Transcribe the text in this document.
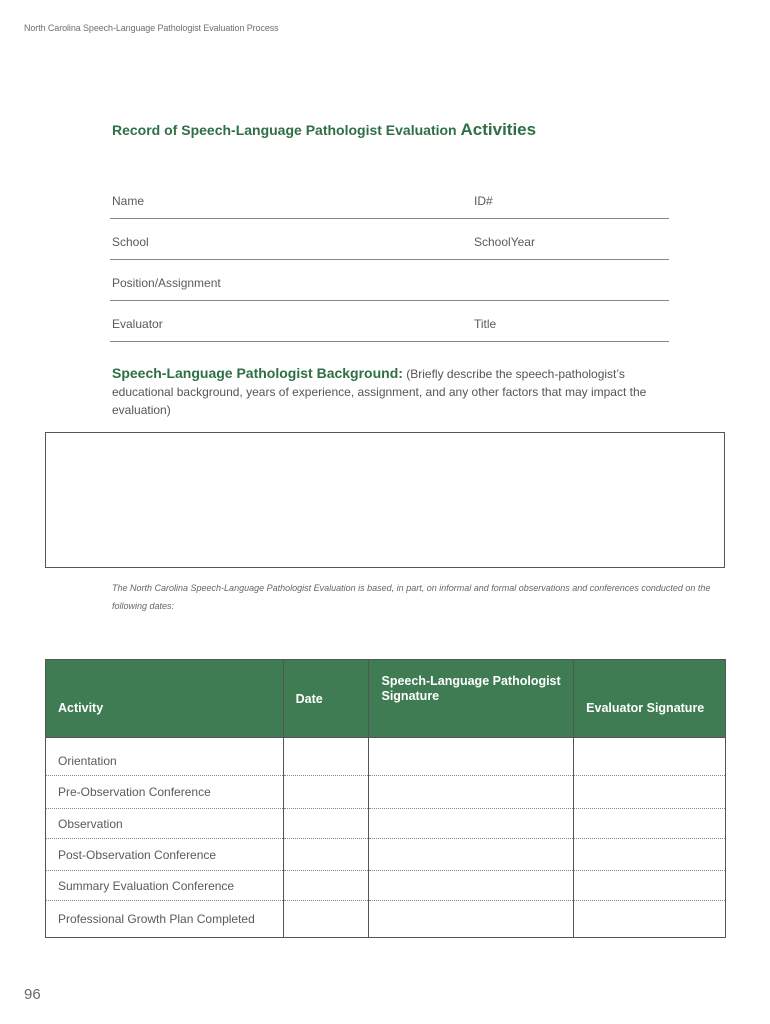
North Carolina Speech-Language Pathologist Evaluation Process
Record of Speech-Language Pathologist Evaluation Activities
Name	ID#
School	SchoolYear
Position/Assignment
Evaluator	Title
Speech-Language Pathologist Background: (Briefly describe the speech-pathologist’s educational background, years of experience, assignment, and any other factors that may impact the evaluation)
The North Carolina Speech-Language Pathologist Evaluation is based, in part, on informal and formal observations and conferences conducted on the following dates:
Activity	Date	Speech-Language Pathologist Signature	Evaluator Signature
Orientation			
Pre-Observation Conference			
Observation			
Post-Observation Conference			
Summary Evaluation Conference			
Professional Growth Plan Completed			
96
